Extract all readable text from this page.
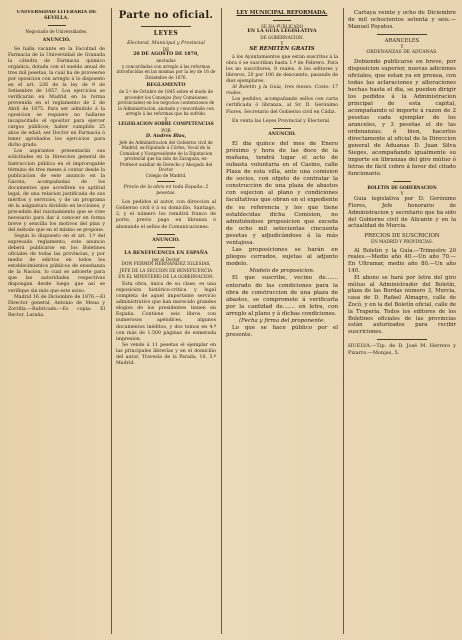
UNIVERSIDAD LITERARIA DE
SEVILLA.
Negociado de Universidades.
ANUNCIO.

Se halla vacante en la Facultad de Farmacia de la Universidad de Granada la cátedra de Farmacia químico orgánica, dotada con el sueldo anual de tres mil pesetas, la cual ha de proveerse por oposicion con arreglo á lo dispuesto en el art. 226 de la ley de 9 de Setiembre de 1857. Los ejercicios se verificarán en Madrid en la forma prevenida en el reglamento de 2 de Abril de 1875. Para ser admitido á la oposicion se requiere no hallarse incapacitado el opositor para ejercer cargos públicos; haber cumplido 25 años de edad; ser Doctor en Farmacia ó tener aprobados los ejercicios para dicho grado.

Los aspirantes presentarán sus solicitudes en la Direccion general de Instruccion pública en el improrogable término de tres meses á contar desde la publicacion de este anuncio en la Gaceta, acompañadas de los documentos que acrediten su aptitud legal, de una relacion justificada de sus méritos y servicios, y de un programa de la asignatura dividido en lecciones, y precedido del razonamiento que se cree necesario para dar á conocer en forma breve y sencilla los motivos del plan y del método que en el mismo se propone.

Segun lo dispuesto en el art. 1.º del expresado reglamento, este anuncio deberá publicarse en los Boletines oficiales de todas las provincias, y por medio de edictos en todos los establecimientos públicos de enseñanza de la Nacion, lo cual se advierte para que las autoridades respectivas dispongan desde luego que así se verifique sin más que este aviso.

Madrid 16 de Diciembre de 1876.—El Director general, Antonio de Mena y Zorrilla.—Rubricado.—Es copia: El Rector, Laraña.

Parte no oficial.
LEYES
Electoral, Municipal y Provincial
DE
20 DE AGOSTO DE 1870,
anotadas
y concordadas con arreglo á las reformas introducidas en las mismas por la ley de 16 de Diciembre de 1876.
REGLAMENTO
de 2.º de Octubre de 1845 sobre el modo de proceder los Consejos (hoy Comisiones provinciales) en los negocios contenciosos de la Administracion, anotado y concordado con arreglo á las reformas que ha sufrido.
Y
LEGISLACION SOBRE COMPETENCIAS
POR
D. Andrés Blas,
Jefe de Administracion del Gobierno civil de Madrid, ex-Diputado á Córtes, Vocal de la Comision y Vicepresidente de la Diputacion provincial que ha sido de Zaragoza, ex-Profesor auxiliar de Derecho y Abogado del
Doctor
Colegio de Madrid.
Precio de la obra en toda España: 2 pesetas.

Los pedidos al autor, con direccion al Gobierno civil ó á su domicilio, Santiago, 2, y el número los remitirá franco de porte, previo pago en libranza ó abonando el sellos de Comunicaciones.

ANUNCIO.
LA BENEFICENCIA EN ESPAÑA
por el Doctor
DON FERMIN HERNANDEZ IGLESIAS,
JEFE DE LA SECCION DE BENEFICENCIA EN EL MINISTERIO DE LA GOBERNACION.

Esta obra, única de su clase, es una exposicion histórico-crítica y legal completa de aquel importante servicio administrativo que han merecido grandes elogios de los presidentes tienen en España. Contiene seis libros con numerosos apéndices, algunos documentos inéditos, y dos tomos en 4.º con más de 1.500 páginas de esmerada impresion.

Se vende á 11 pesetas el ejemplar en las principales librerías y en el domicilio del autor, Travesía de la Parada, 10, 3.º Madrid.

LEY MUNICIPAL REFORMADA.
SE HA PUBLICADO
EN LA GUIA LEGISLATIVA
DE GOBERNACION.
Y
SE REMITEN GRATIS

á los Ayuntamientos que están suscritos á la obra ó se suscriban hasta 1.º de Febrero. Para los no suscritores, 8 reales. A los editores y libreros, 20 por 100 de descuento, pasando de diez ejemplares.

Al Boletín y la Guía, tres meses. Costo: 17 reales.

Los pedidos, acompañando sellos con carta certificada ó libranza, al Sr. D. Gerónimo Flores, Secretario del Gobierno civil en Cádiz.

En venta las Leyes Provincial y Electoral.

ANUNCIO.

El dia quince del mes de Enero próximo y hora de las doce de la mañana, tendrá lugar el acto de subasta voluntaria en el Casino, calle Plaza de esta villa, ante una comision de socios, con objeto de contratar la construccion de una plaza de abastos con sujecion al plano y condiciones facultativas que obran en el expediente de su referencia y los que tiene establecidas dicha Comision, no admitiéndose proposicion que exceda de ocho mil setecientas cincuenta pesetas y adjudicándose á la más ventajosa.

Las proposiciones se harán en pliegos cerrados, sujetas al adjunto modelo.

Modelo de proposicion.

El que suscribe, vecino de....... enterado de las condiciones para la obra de construccion de una plaza de abastos, se compromete á verificarla por la cantidad de....... en letra, con arreglo al plano y á dichas condiciones.

(Fecha y firma del proponente.

Lo que se hace público por el presente.

Cartaya veinte y ocho de Diciembre de mil ochocientos setenta y seis.—Manuel Poyatos.

ARANCELES
Y
ORDENANZAS DE ADUANAS.

Debiendo publicarse en breve, por disposicion superior, nuevas adiciones oficiales, que estan ya en prensa, con todas las aclaraciones y alteraciones hechas hasta el dia, se pueden dirigir los pedidos á la Administracion principal de esta capital, acompañando el importe á razon de 2 pesetas cada ejemplar de los aranceles, y 3 pesetas el de las ordenanzas; ó bien, hacerlos directamente al oficial de la Direccion general de Aduanas D. Juan Silva Sieges, acompañando igualmente su importe en libranzas del giro mútuo ó letras de fácil cobro á favor del citado funcionario.

BOLETIN DE GOBERNACION
Y

Guia legislativa por D. Gerónimo Flores, Jefe honorario de Administracion y secretario que ha sido del Gobierno civil de Alicante y en la actualidad de Murcia.

PRECIOS DE SUSCRICION
EN MADRID Y PROVINCIAS.

Al Boletín y la Guía.—Trimestre 20 reales.—Medio año 40.—Un año 70.—En Ultramar, medio año 80.—Un año 140.

El abono se hará por letra del giro mútuo al Administrador del Boletín, plaza de las Bordas número 3, Murcia, casa de D. Rafael Almagro, calle de Zocó, y en la del Boletín oficial, calle de la Trapería. Todos los editores de los Boletines oficiales de las provincias están autorizados para recibir suscriciones.

HUELVA.—Tip. de D. José M. Herrero y Pizarro.—Monjas, 5.
